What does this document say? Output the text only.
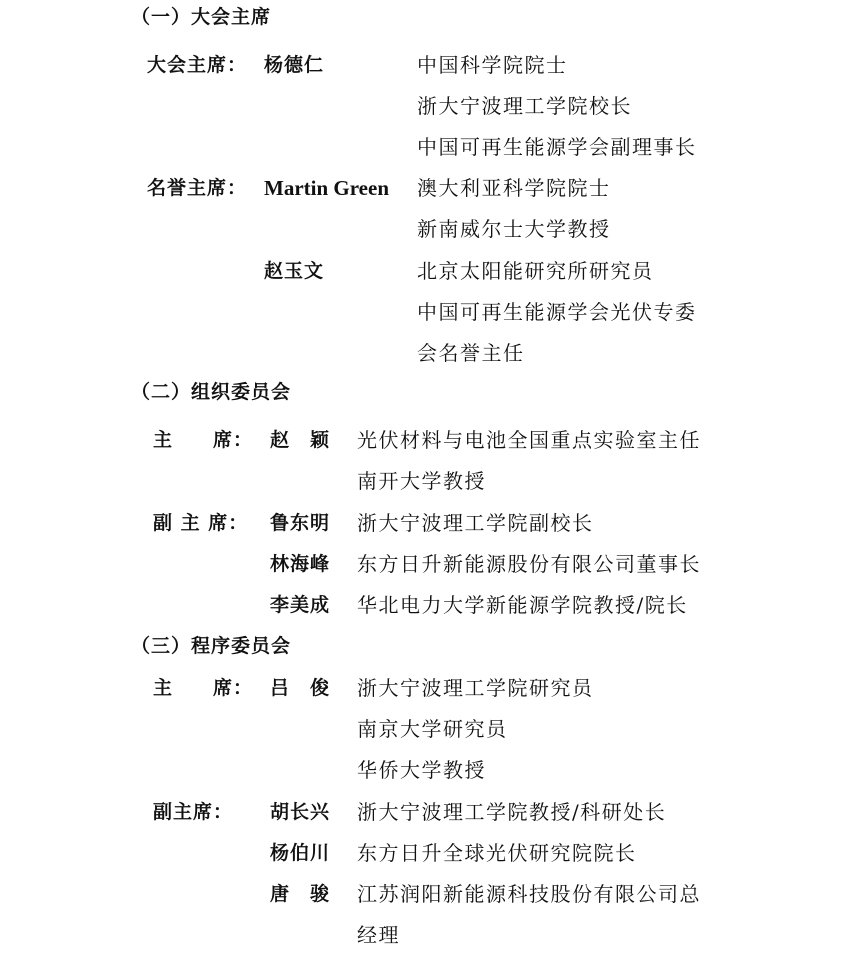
（一）大会主席
大会主席： 杨德仁	中国科学院院士
浙大宁波理工学院校长
中国可再生能源学会副理事长
名誉主席： Martin Green 澳大利亚科学院院士
新南威尔士大学教授
赵玉文	北京太阳能研究所研究员
中国可再生能源学会光伏专委
会名誉主任
（二）组织委员会
主　　席： 赵　颖 光伏材料与电池全国重点实验室主任
南开大学教授
副 主 席： 鲁东明 浙大宁波理工学院副校长
林海峰 东方日升新能源股份有限公司董事长
李美成 华北电力大学新能源学院教授/院长
（三）程序委员会
主　　席： 吕　俊 浙大宁波理工学院研究员
南京大学研究员
华侨大学教授
副主席： 胡长兴 浙大宁波理工学院教授/科研处长
杨伯川 东方日升全球光伏研究院院长
唐　骏 江苏润阳新能源科技股份有限公司总
经理
